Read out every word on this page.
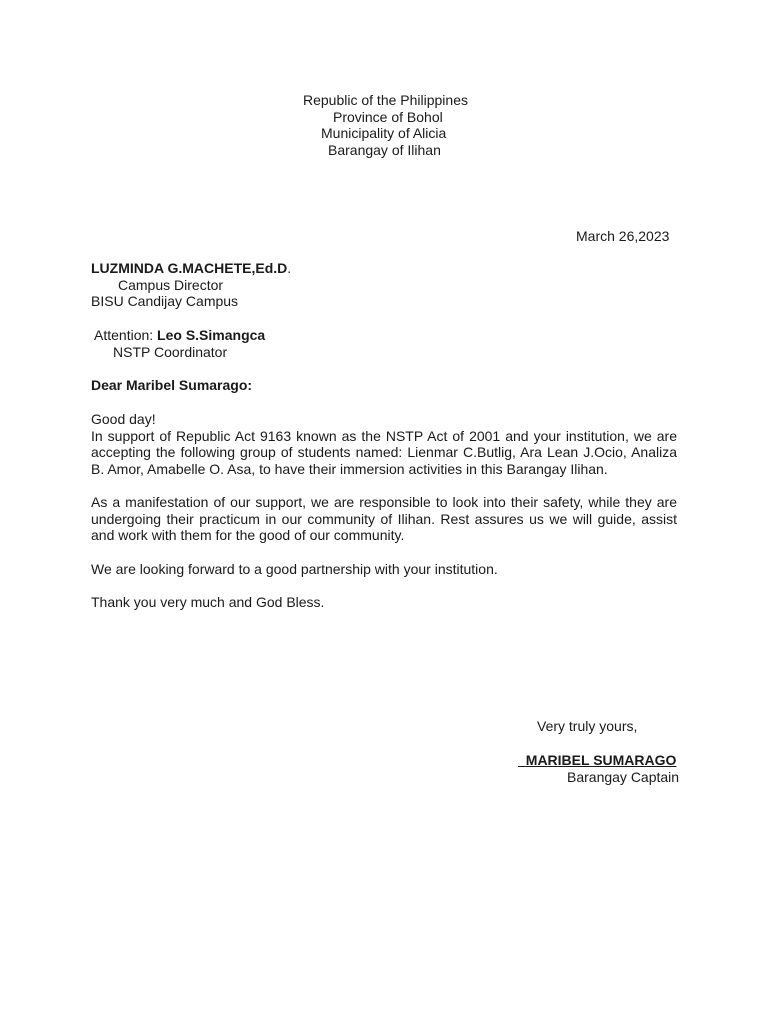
Republic of the Philippines
Province of Bohol
Municipality of Alicia
Barangay of Ilihan
March 26,2023
LUZMINDA G.MACHETE,Ed.D.
Campus Director
BISU Candijay Campus
Attention: Leo S.Simangca
NSTP Coordinator
Dear Maribel Sumarago:
Good day!

In support of Republic Act 9163 known as the NSTP Act of 2001 and your institution, we are accepting the following group of students named: Lienmar C.Butlig, Ara Lean J.Ocio, Analiza B. Amor, Amabelle O. Asa, to have their immersion activities in this Barangay Ilihan.

As a manifestation of our support, we are responsible to look into their safety, while they are undergoing their practicum in our community of Ilihan. Rest assures us we will guide, assist and work with them for the good of our community.

We are looking forward to a good partnership with your institution.

Thank you very much and God Bless.

Very truly yours,
MARIBEL SUMARAGO
Barangay Captain
